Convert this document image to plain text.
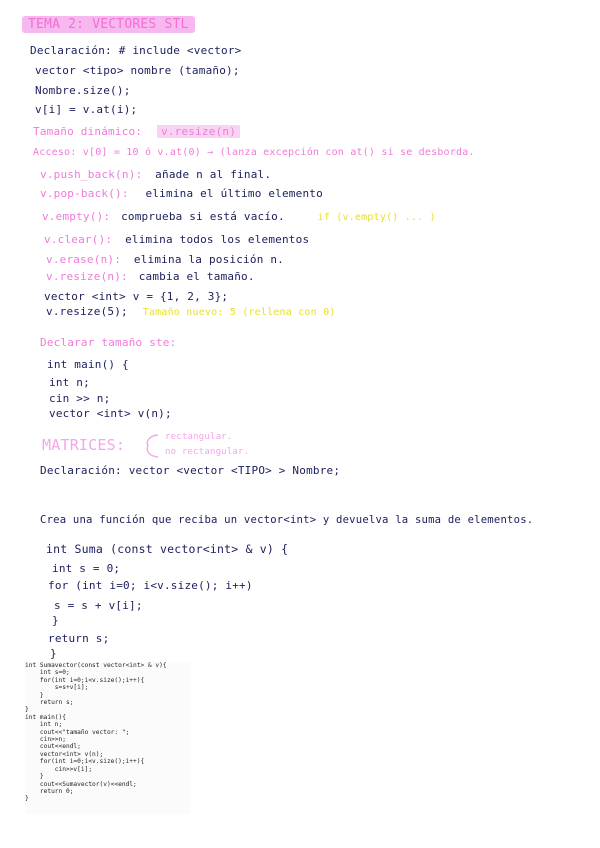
TEMA 2: VECTORES STL
Declaración: # include <vector>
vector <tipo> nombre (tamaño);
Nombre.size();
v[i] = v.at(i);
Tamaño dinámico: v.resize(n)
Acceso: v[0] = 10 ó v.at(0) → (lanza excepción con at() si se desborda.
v.push_back(n): añade n al final.
v.pop-back(): elimina el último elemento
v.empty(): comprueba si está vacío.	if (v.empty() ... )
v.clear(): elimina todos los elementos
v.erase(n): elimina la posición n.
v.resize(n): cambia el tamaño.
vector <int> v = {1, 2, 3};
v.resize(5); Tamaño nuevo: 5 (rellena con 0)
Declarar tamaño ste:
int main() {
int n;
cin >> n;
vector <int> v(n);
MATRICES:	rectangular.
no rectangular.
Declaración: vector <vector <TIPO> > Nombre;
Crea una función que reciba un vector<int> y devuelva la suma de elementos.
int Suma (const vector<int> & v) {
int s = 0;
for (int i=0; i<v.size(); i++)
s = s + v[i];
}
return s;
}
int Sumavector(const vector<int> & v){
int s=0;
for(int i=0;i<v.size();i++){
s=s+v[i];
}
return s;
}
int main(){
int n;
cout<<"tamaño vector: ";
cin>>n;
cout<<endl;
vector<int> v(n);
for(int i=0;i<v.size();i++){
cin>>v[i];
}
cout<<Sumavector(v)<<endl;
return 0;
}
